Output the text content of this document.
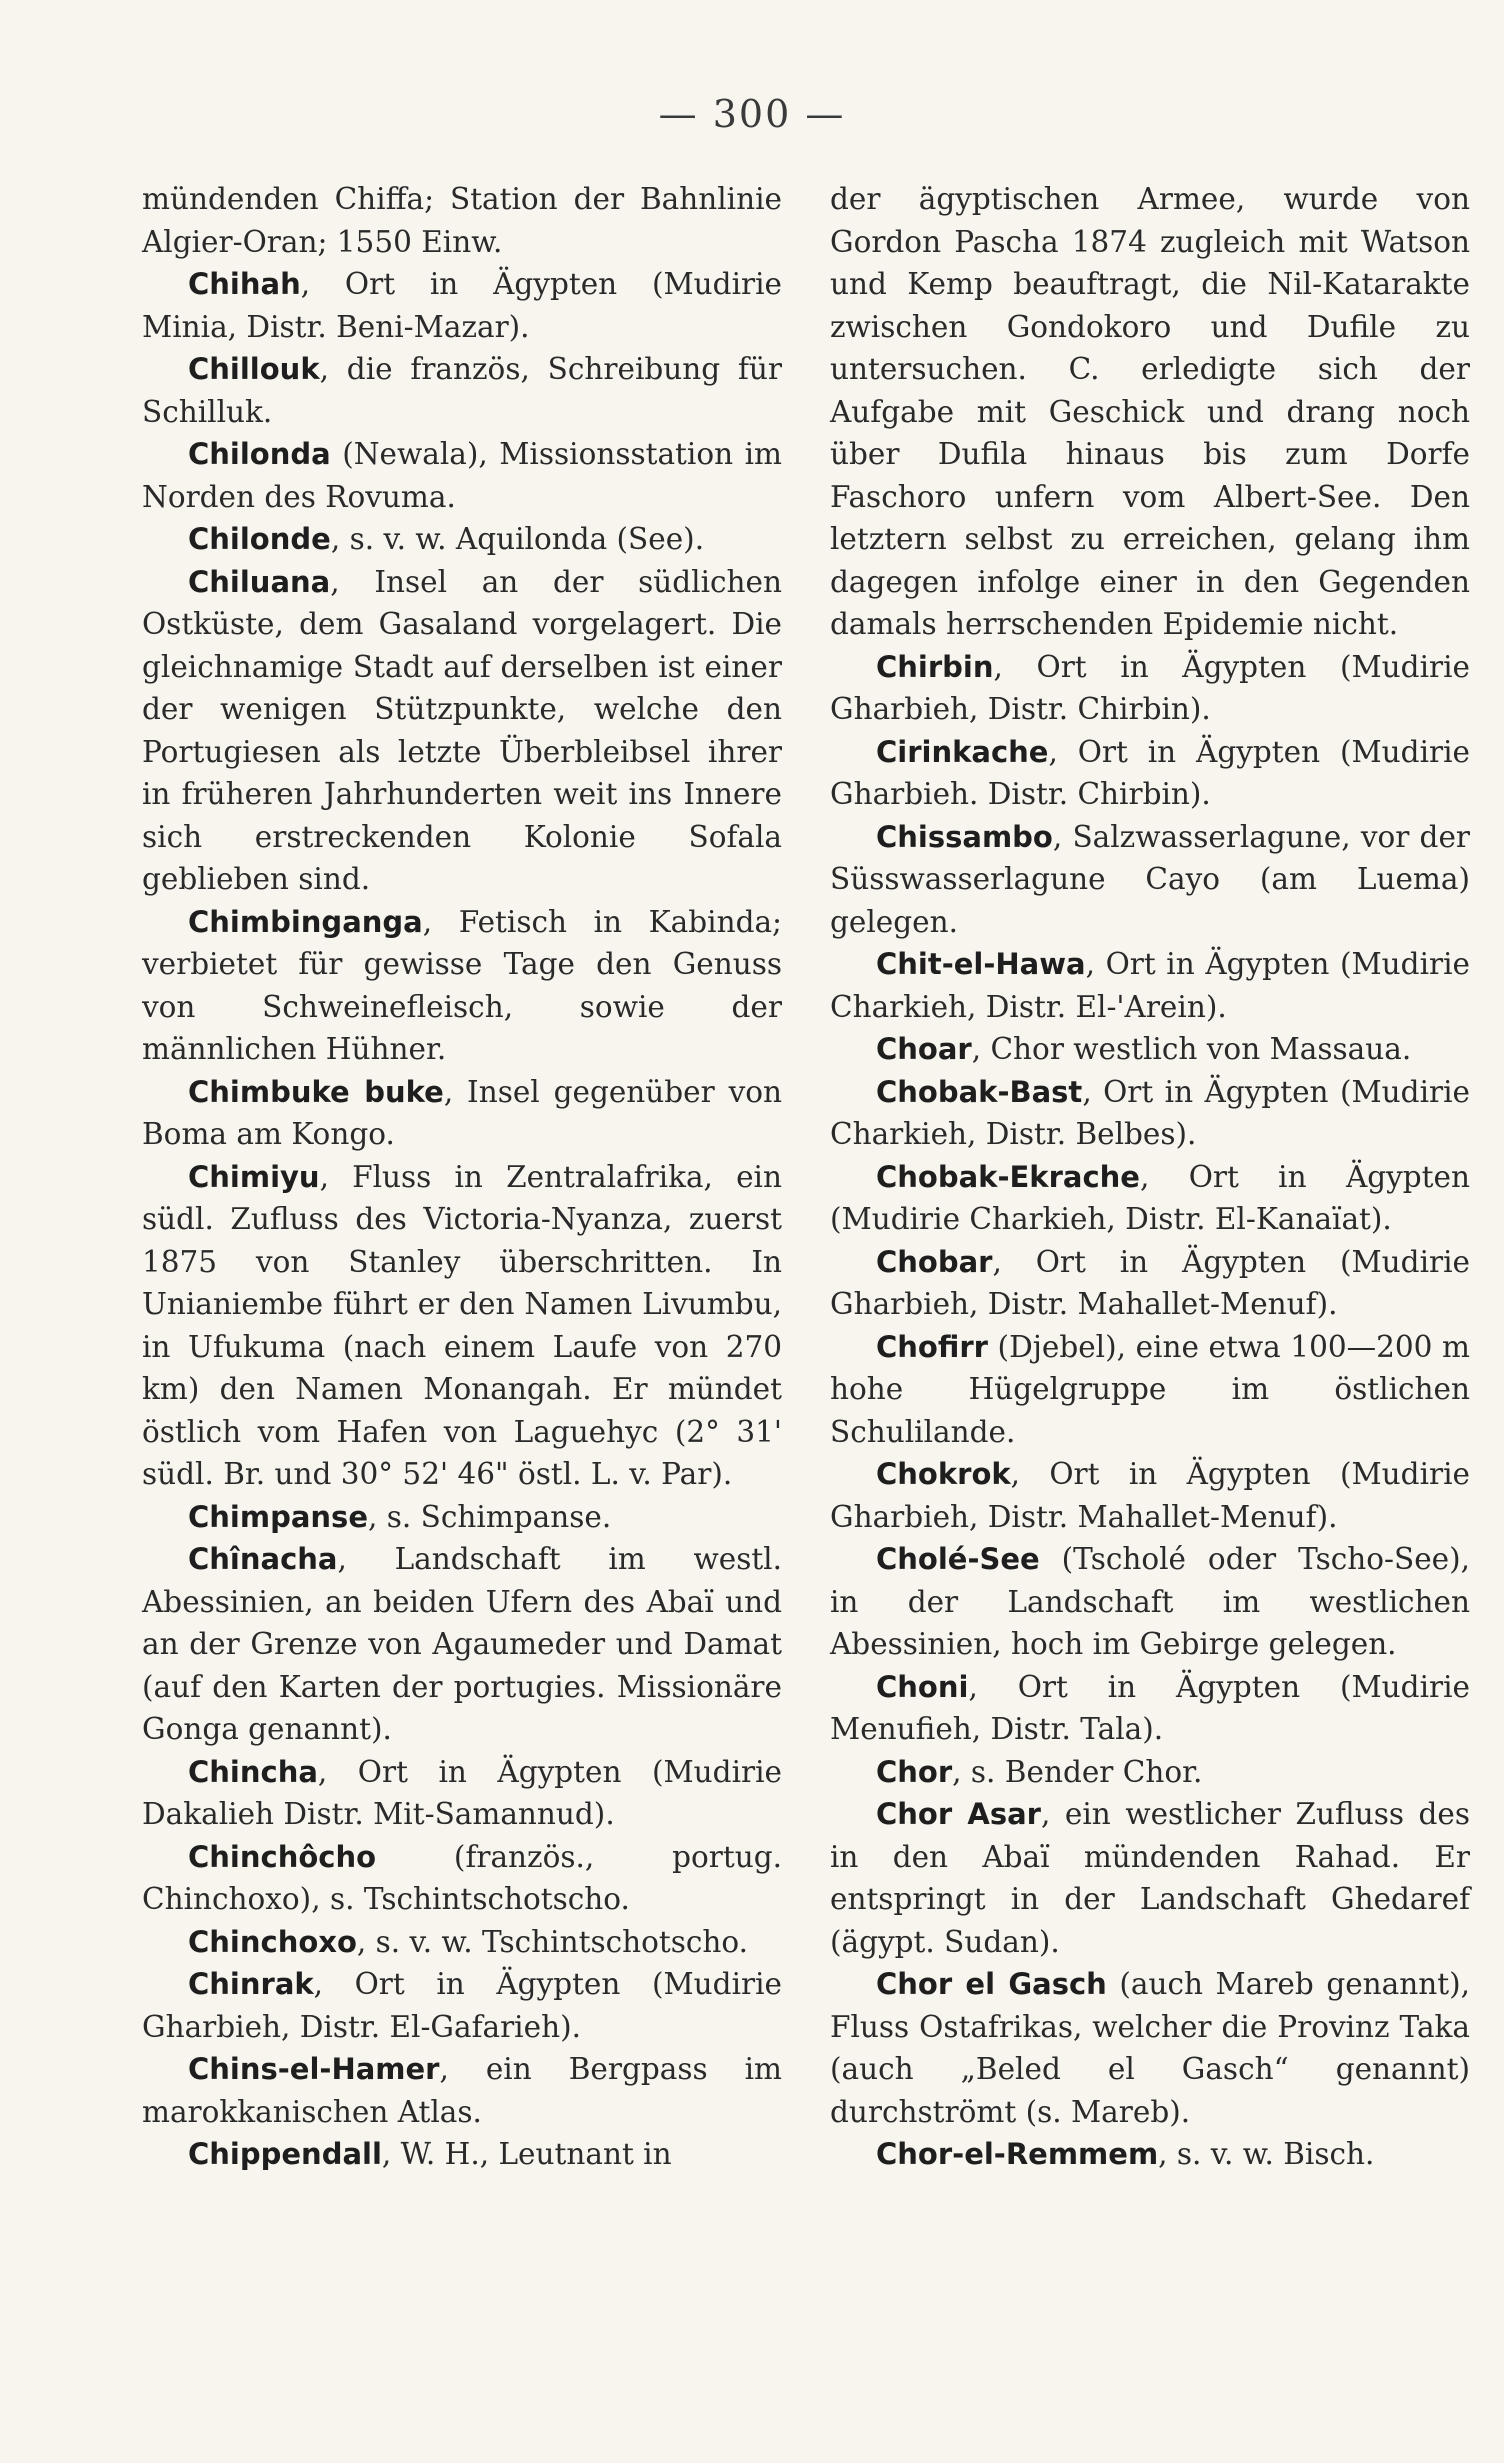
— 300 —

mündenden Chiffa; Station der Bahnlinie Algier-Oran; 1550 Einw.

Chihah, Ort in Ägypten (Mudirie Minia, Distr. Beni-Mazar).

Chillouk, die französ, Schreibung für Schilluk.

Chilonda (Newala), Missionsstation im Norden des Rovuma.

Chilonde, s. v. w. Aquilonda (See).

Chiluana, Insel an der südlichen Ostküste, dem Gasaland vorgelagert. Die gleichnamige Stadt auf derselben ist einer der wenigen Stützpunkte, welche den Portugiesen als letzte Überbleibsel ihrer in früheren Jahrhunderten weit ins Innere sich erstreckenden Kolonie Sofala geblieben sind.

Chimbinganga, Fetisch in Kabinda; verbietet für gewisse Tage den Genuss von Schweinefleisch, sowie der männlichen Hühner.

Chimbuke buke, Insel gegenüber von Boma am Kongo.

Chimiyu, Fluss in Zentralafrika, ein südl. Zufluss des Victoria-Nyanza, zuerst 1875 von Stanley überschritten. In Unianiembe führt er den Namen Livumbu, in Ufukuma (nach einem Laufe von 270 km) den Namen Monangah. Er mündet östlich vom Hafen von Laguehyc (2° 31' südl. Br. und 30° 52' 46" östl. L. v. Par).

Chimpanse, s. Schimpanse.

Chînacha, Landschaft im westl. Abessinien, an beiden Ufern des Abaï und an der Grenze von Agaumeder und Damat (auf den Karten der portugies. Missionäre Gonga genannt).

Chincha, Ort in Ägypten (Mudirie Dakalieh Distr. Mit-Samannud).

Chinchôcho (französ., portug. Chinchoxo), s. Tschintschotscho.

Chinchoxo, s. v. w. Tschintschotscho.

Chinrak, Ort in Ägypten (Mudirie Gharbieh, Distr. El-Gafarieh).

Chins-el-Hamer, ein Bergpass im marokkanischen Atlas.

Chippendall, W. H., Leutnant in

der ägyptischen Armee, wurde von Gordon Pascha 1874 zugleich mit Watson und Kemp beauftragt, die Nil-Katarakte zwischen Gondokoro und Dufile zu untersuchen. C. erledigte sich der Aufgabe mit Geschick und drang noch über Dufila hinaus bis zum Dorfe Faschoro unfern vom Albert-See. Den letztern selbst zu erreichen, gelang ihm dagegen infolge einer in den Gegenden damals herrschenden Epidemie nicht.

Chirbin, Ort in Ägypten (Mudirie Gharbieh, Distr. Chirbin).

Cirinkache, Ort in Ägypten (Mudirie Gharbieh. Distr. Chirbin).

Chissambo, Salzwasserlagune, vor der Süsswasserlagune Cayo (am Luema) gelegen.

Chit-el-Hawa, Ort in Ägypten (Mudirie Charkieh, Distr. El-'Arein).

Choar, Chor westlich von Massaua.

Chobak-Bast, Ort in Ägypten (Mudirie Charkieh, Distr. Belbes).

Chobak-Ekrache, Ort in Ägypten (Mudirie Charkieh, Distr. El-Kanaïat).

Chobar, Ort in Ägypten (Mudirie Gharbieh, Distr. Mahallet-Menuf).

Chofirr (Djebel), eine etwa 100—200 m hohe Hügelgruppe im östlichen Schulilande.

Chokrok, Ort in Ägypten (Mudirie Gharbieh, Distr. Mahallet-Menuf).

Cholé-See (Tscholé oder Tscho-See), in der Landschaft im westlichen Abessinien, hoch im Gebirge gelegen.

Choni, Ort in Ägypten (Mudirie Menufieh, Distr. Tala).

Chor, s. Bender Chor.

Chor Asar, ein westlicher Zufluss des in den Abaï mündenden Rahad. Er entspringt in der Landschaft Ghedaref (ägypt. Sudan).

Chor el Gasch (auch Mareb genannt), Fluss Ostafrikas, welcher die Provinz Taka (auch „Beled el Gasch“ genannt) durchströmt (s. Mareb).

Chor-el-Remmem, s. v. w. Bisch.
